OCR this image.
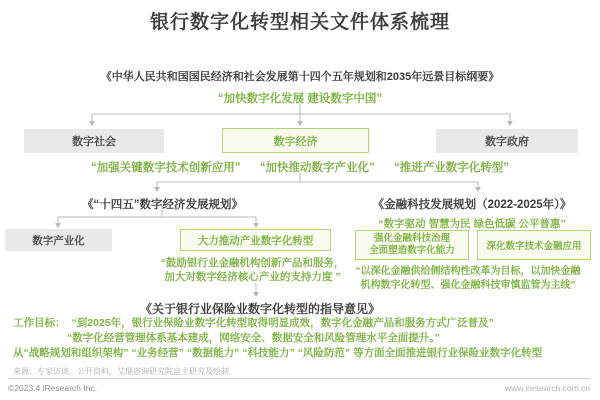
银行数字化转型相关文件体系梳理
《中华人民共和国国民经济和社会发展第十四个五年规划和2035年远景目标纲要》
“加快数字化发展 建设数字中国”
数字社会	数字经济	数字政府
“加强关键数字技术创新应用” “加快推动数字产业化” “推进产业数字化转型”
《“十四五”数字经济发展规划》	《金融科技发展规划（2022-2025年）》
“数字驱动 智慧为民 绿色低碳 公平普惠”
数字产业化	大力推动产业数字化转型	强化金融科技治理
全面塑造数字化能力	深化数字技术金融应用
“鼓励银行业金融机构创新产品和服务，
加大对数字经济核心产业的支持力度 ”	“以深化金融供给侧结构性改革为目标，以加快金融
机构数字化转型、强化金融科技审慎监管为主线”
《关于银行业保险业数字化转型的指导意见》
工作目标： “到2025年，银行业保险业数字化转型取得明显成效，数字化金融产品和服务方式广泛普及”
“数字化经营管理体系基本建成，网络安全、数据安全和风险管理水平全面提升。”
从“战略规划和组织架构” “业务经营” “数据能力” “科技能力” “风险防范” 等方面全面推进银行业保险业数字化转型
来源：专家访谈、公开资料，艾瑞咨询研究院自主研究及绘制
©2023.4 iResearch Inc.	www.iresearch.com.cn
